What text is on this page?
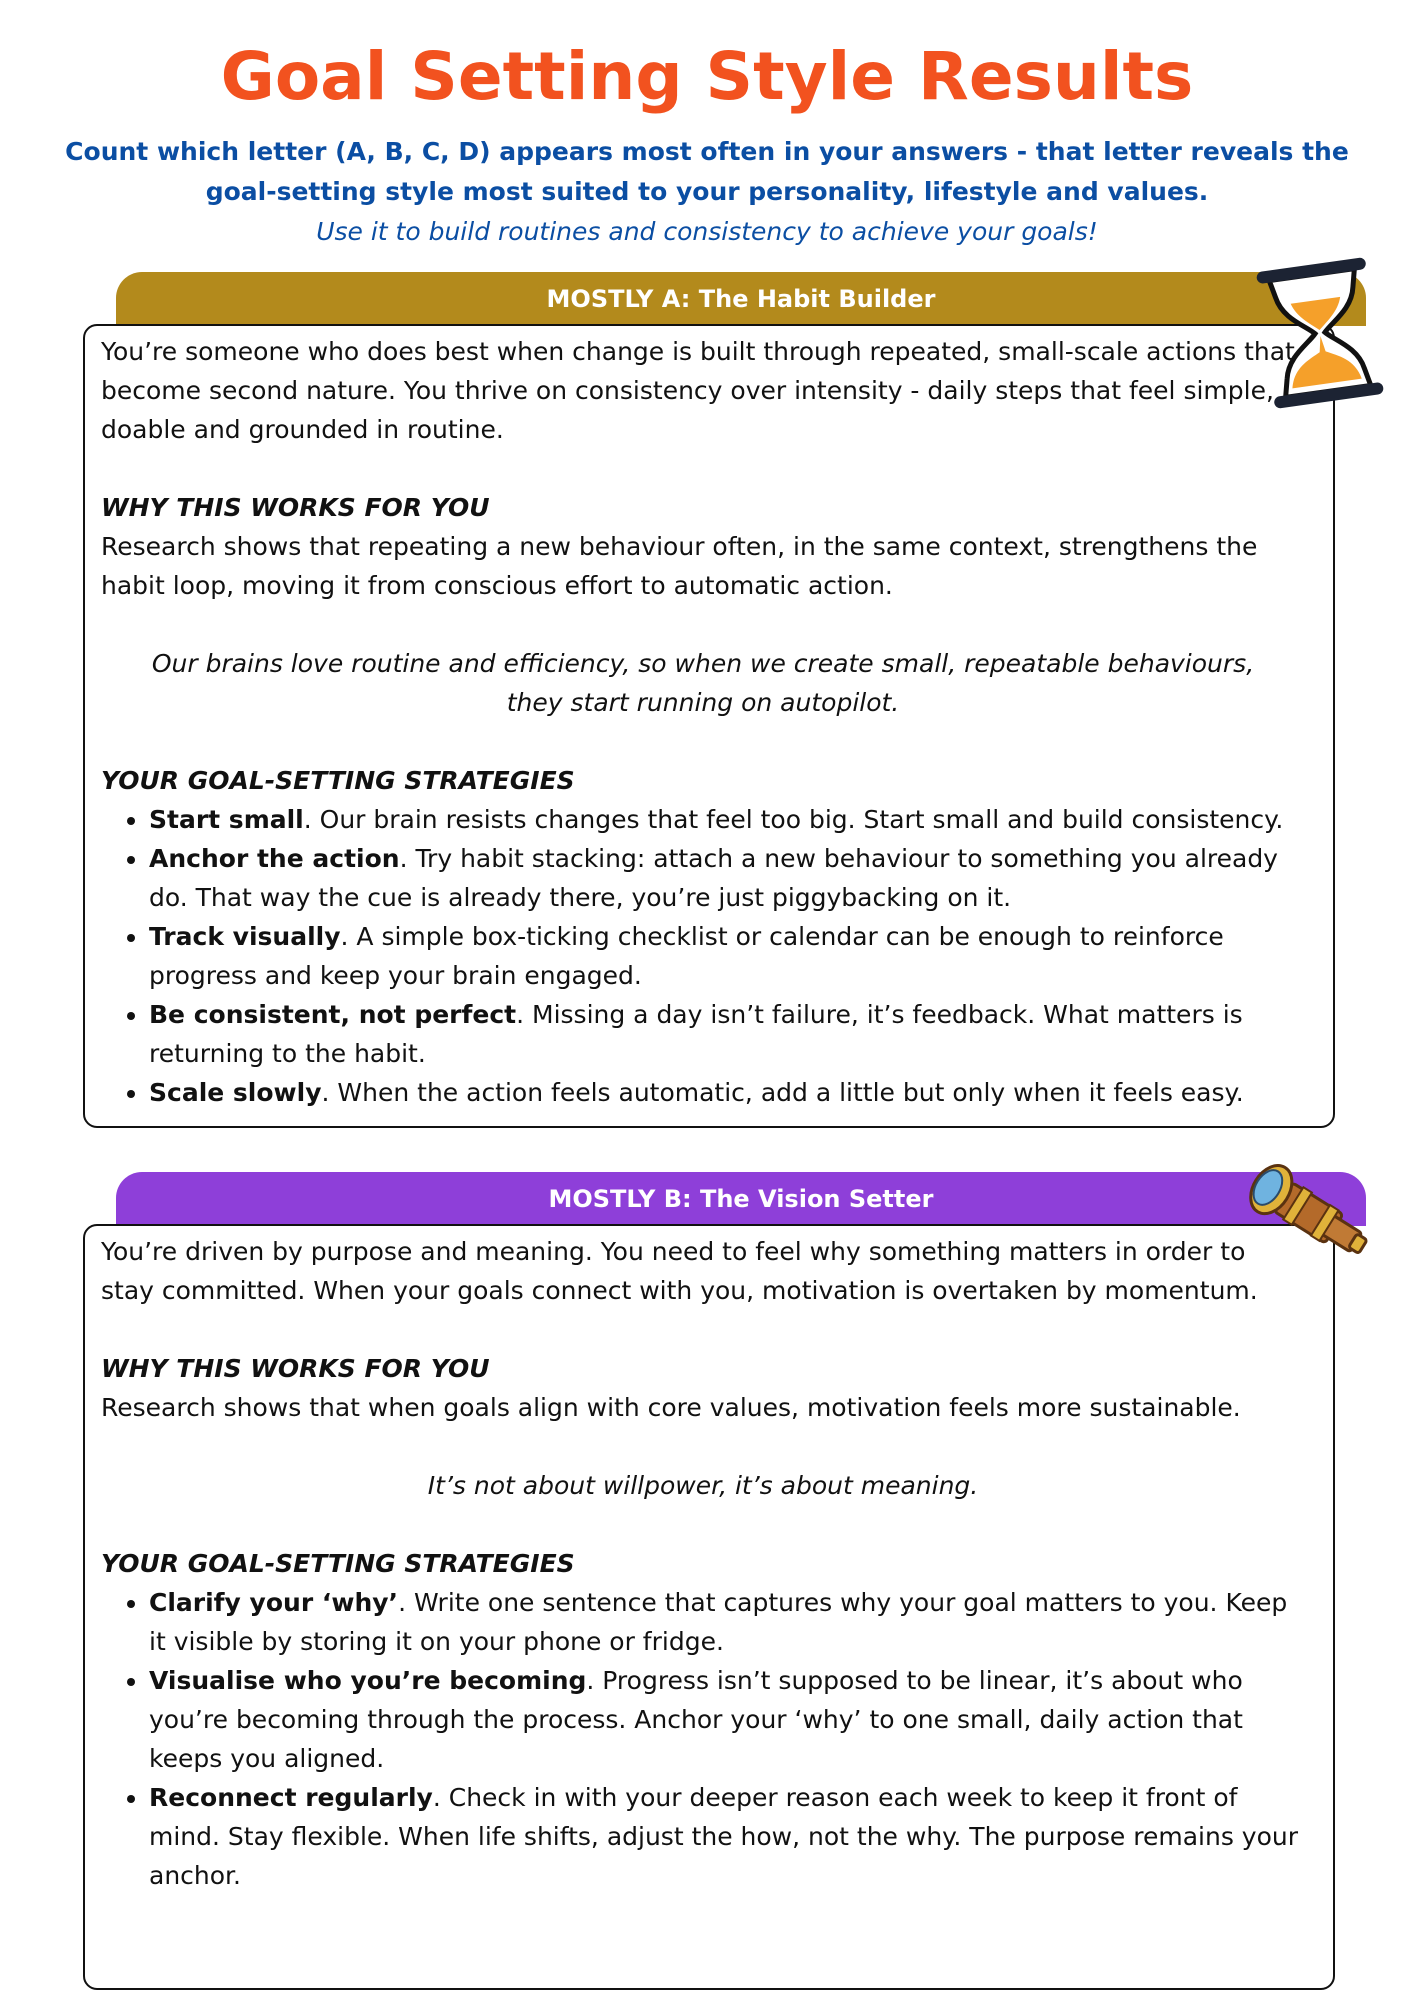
Goal Setting Style Results

Count which letter (A, B, C, D) appears most often in your answers - that letter reveals the

goal-setting style most suited to your personality, lifestyle and values.

Use it to build routines and consistency to achieve your goals!

MOSTLY A: The Habit Builder

You’re someone who does best when change is built through repeated, small-scale actions that become second nature. You thrive on consistency over intensity - daily steps that feel simple, doable and grounded in routine.

WHY THIS WORKS FOR YOU

Research shows that repeating a new behaviour often, in the same context, strengthens the habit loop, moving it from conscious effort to automatic action.

Our brains love routine and efficiency, so when we create small, repeatable behaviours,
they start running on autopilot.

YOUR GOAL-SETTING STRATEGIES

• Start small. Our brain resists changes that feel too big. Start small and build consistency.
• Anchor the action. Try habit stacking: attach a new behaviour to something you already do. That way the cue is already there, you’re just piggybacking on it.
• Track visually. A simple box-ticking checklist or calendar can be enough to reinforce progress and keep your brain engaged.
• Be consistent, not perfect. Missing a day isn’t failure, it’s feedback. What matters is returning to the habit.
• Scale slowly. When the action feels automatic, add a little but only when it feels easy.
MOSTLY B: The Vision Setter

You’re driven by purpose and meaning. You need to feel why something matters in order to stay committed. When your goals connect with you, motivation is overtaken by momentum.

WHY THIS WORKS FOR YOU

Research shows that when goals align with core values, motivation feels more sustainable.

It’s not about willpower, it’s about meaning.

YOUR GOAL-SETTING STRATEGIES

• Clarify your ‘why’. Write one sentence that captures why your goal matters to you. Keep it visible by storing it on your phone or fridge.
• Visualise who you’re becoming. Progress isn’t supposed to be linear, it’s about who you’re becoming through the process. Anchor your ‘why’ to one small, daily action that keeps you aligned.
• Reconnect regularly. Check in with your deeper reason each week to keep it front of mind. Stay flexible. When life shifts, adjust the how, not the why. The purpose remains your anchor.
